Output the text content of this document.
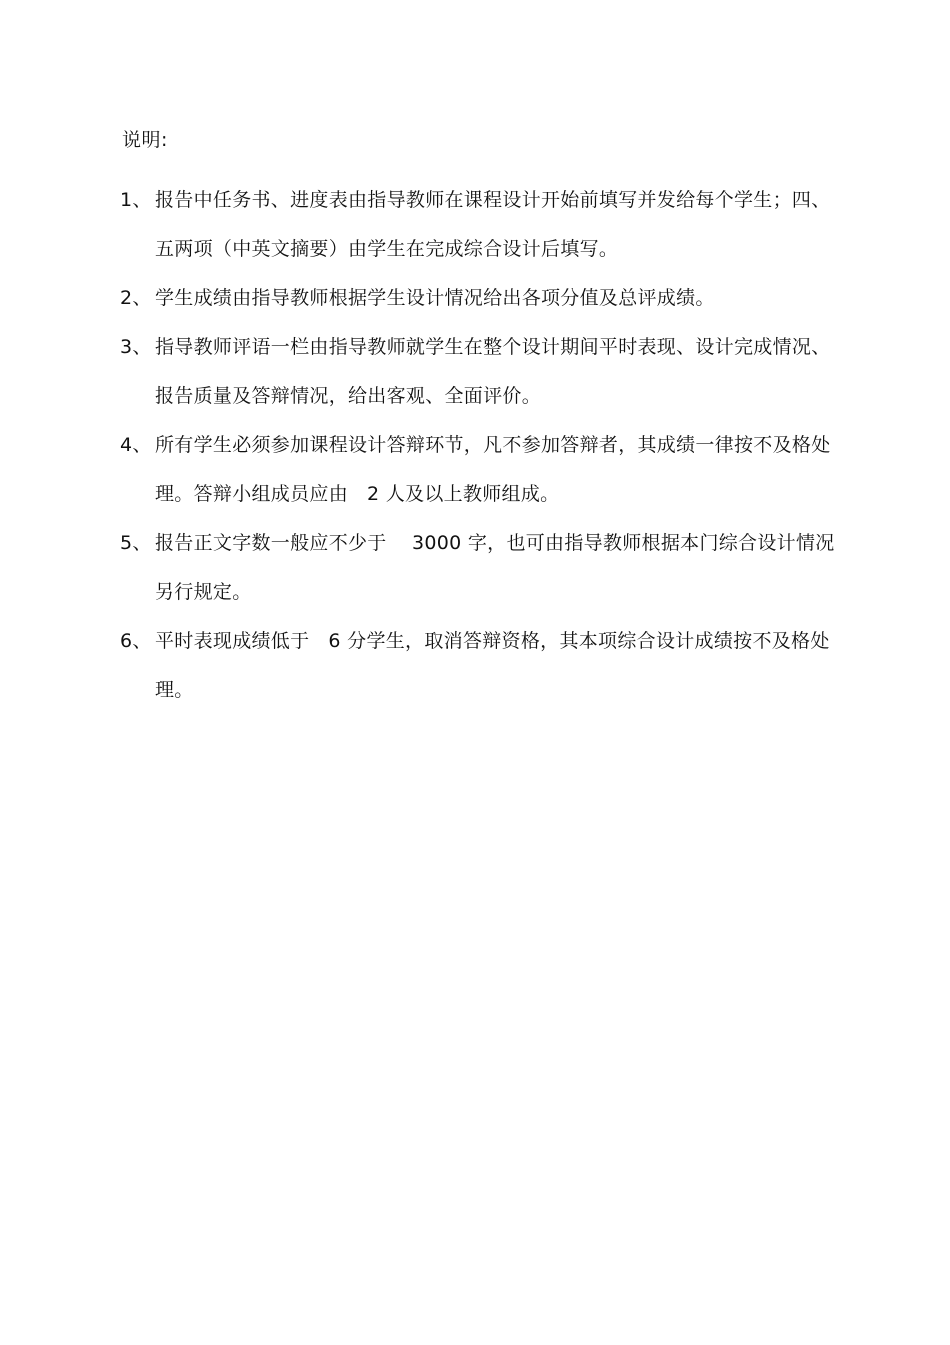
说明:
1、 报告中任务书、进度表由指导教师在课程设计开始前填写并发给每个学生；四、五两项（中英文摘要）由学生在完成综合设计后填写。
2、 学生成绩由指导教师根据学生设计情况给出各项分值及总评成绩。
3、 指导教师评语一栏由指导教师就学生在整个设计期间平时表现、设计完成情况、报告质量及答辩情况，给出客观、全面评价。
4、 所有学生必须参加课程设计答辩环节，凡不参加答辩者，其成绩一律按不及格处理。答辩小组成员应由   2 人及以上教师组成。
5、 报告正文字数一般应不少于    3000 字，也可由指导教师根据本门综合设计情况另行规定。
6、 平时表现成绩低于   6 分学生，取消答辩资格，其本项综合设计成绩按不及格处理。
